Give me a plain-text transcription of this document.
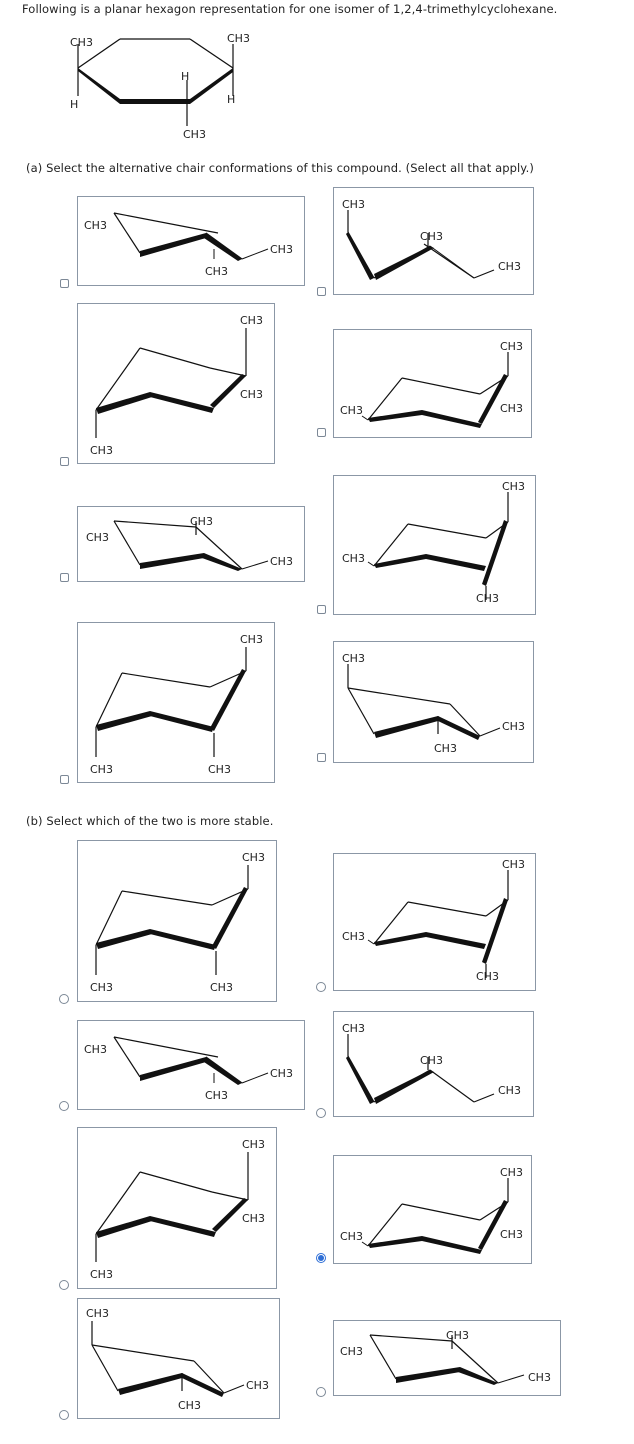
Following is a planar hexagon representation for one isomer of 1,2,4-trimethylcyclohexane.
CH3	CH3
H
H
H
CH3
(a) Select the alternative chair conformations of this compound. (Select all that apply.)
CH3
CH3
CH3
CH3
CH3
CH3
CH3
CH3
CH3
CH3
CH3	CH3
CH3
CH3
CH3
CH3
CH3
CH3
CH3
CH3	CH3
CH3
CH3
CH3
(b) Select which of the two is more stable.
CH3
CH3	CH3
CH3
CH3
CH3
CH3
CH3
CH3
CH3
CH3
CH3
CH3
CH3
CH3
CH3
CH3	CH3
CH3
CH3
CH3
CH3
CH3
CH3
